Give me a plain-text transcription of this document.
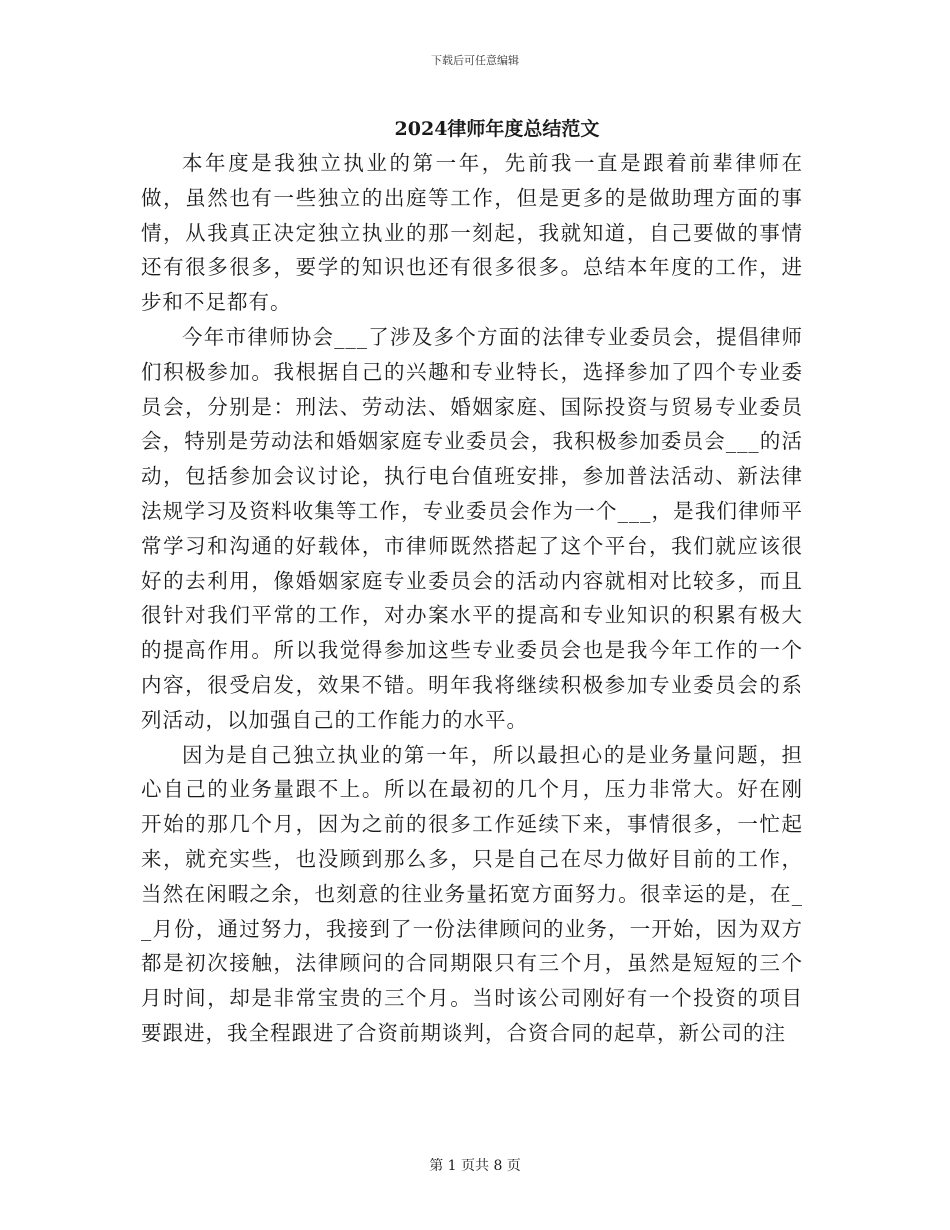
下载后可任意编辑
2024律师年度总结范文

本年度是我独立执业的第一年，先前我一直是跟着前辈律师在做，虽然也有一些独立的出庭等工作，但是更多的是做助理方面的事情，从我真正决定独立执业的那一刻起，我就知道，自己要做的事情还有很多很多，要学的知识也还有很多很多。总结本年度的工作，进步和不足都有。

今年市律师协会___了涉及多个方面的法律专业委员会，提倡律师们积极参加。我根据自己的兴趣和专业特长，选择参加了四个专业委员会，分别是：刑法、劳动法、婚姻家庭、国际投资与贸易专业委员会，特别是劳动法和婚姻家庭专业委员会，我积极参加委员会___的活动，包括参加会议讨论，执行电台值班安排，参加普法活动、新法律法规学习及资料收集等工作，专业委员会作为一个___，是我们律师平常学习和沟通的好载体，市律师既然搭起了这个平台，我们就应该很好的去利用，像婚姻家庭专业委员会的活动内容就相对比较多，而且很针对我们平常的工作，对办案水平的提高和专业知识的积累有极大的提高作用。所以我觉得参加这些专业委员会也是我今年工作的一个内容，很受启发，效果不错。明年我将继续积极参加专业委员会的系列活动，以加强自己的工作能力的水平。

因为是自己独立执业的第一年，所以最担心的是业务量问题，担心自己的业务量跟不上。所以在最初的几个月，压力非常大。好在刚开始的那几个月，因为之前的很多工作延续下来，事情很多，一忙起来，就充实些，也没顾到那么多，只是自己在尽力做好目前的工作，当然在闲暇之余，也刻意的往业务量拓宽方面努力。很幸运的是，在__月份，通过努力，我接到了一份法律顾问的业务，一开始，因为双方都是初次接触，法律顾问的合同期限只有三个月，虽然是短短的三个月时间，却是非常宝贵的三个月。当时该公司刚好有一个投资的项目要跟进，我全程跟进了合资前期谈判，合资合同的起草，新公司的注

第 1 页共 8 页
